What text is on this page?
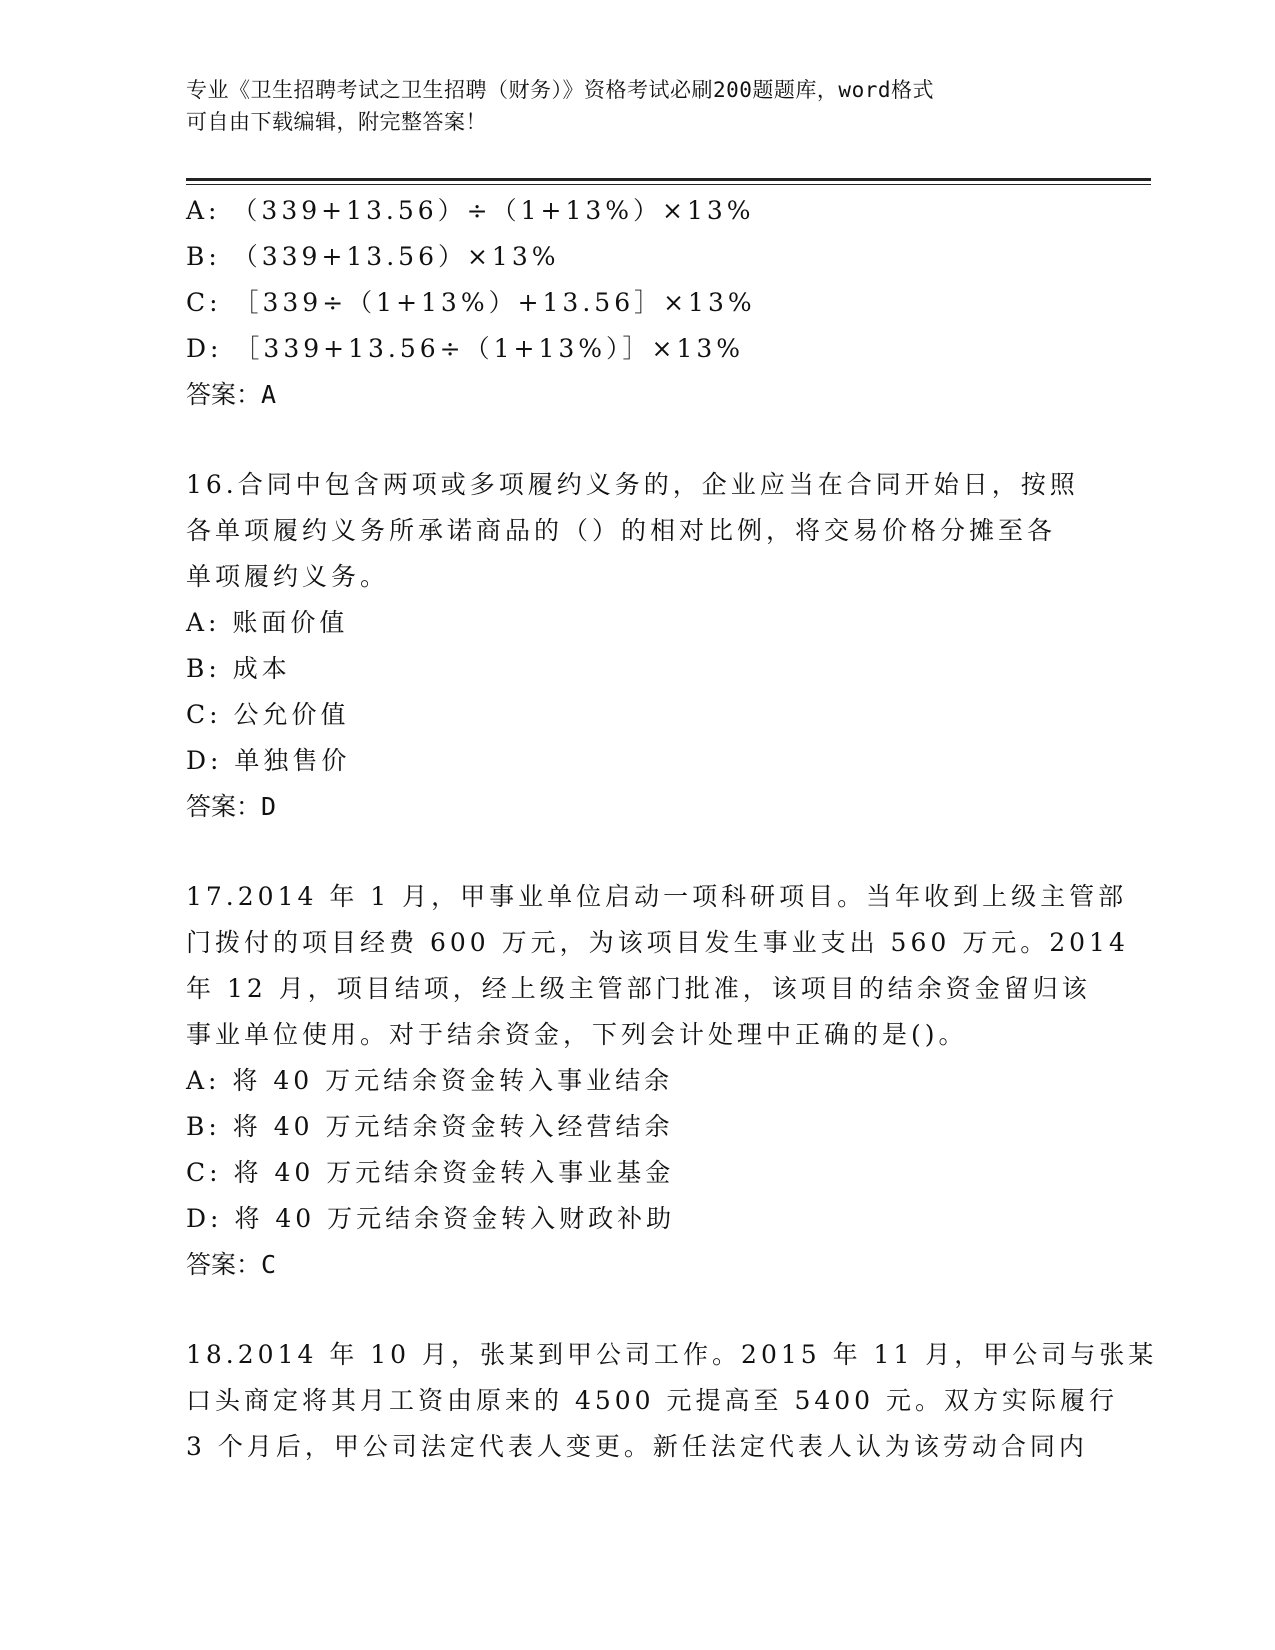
专业《卫生招聘考试之卫生招聘（财务）》资格考试必刷200题题库，word格式
可自由下载编辑，附完整答案！
A: （339+13.56）÷（1+13%）×13%
B: （339+13.56）×13%
C: ［339÷（1+13%）+13.56］×13%
D: ［339+13.56÷（1+13%）］×13%
答案：A
16.合同中包含两项或多项履约义务的，企业应当在合同开始日，按照
各单项履约义务所承诺商品的（）的相对比例，将交易价格分摊至各
单项履约义务。
A: 账面价值
B: 成本
C: 公允价值
D: 单独售价
答案：D
17.2014 年 1 月，甲事业单位启动一项科研项目。当年收到上级主管部
门拨付的项目经费 600 万元，为该项目发生事业支出 560 万元。2014
年 12 月，项目结项，经上级主管部门批准，该项目的结余资金留归该
事业单位使用。对于结余资金，下列会计处理中正确的是()。
A: 将 40 万元结余资金转入事业结余
B: 将 40 万元结余资金转入经营结余
C: 将 40 万元结余资金转入事业基金
D: 将 40 万元结余资金转入财政补助
答案：C
18.2014 年 10 月，张某到甲公司工作。2015 年 11 月，甲公司与张某
口头商定将其月工资由原来的 4500 元提高至 5400 元。双方实际履行
3 个月后，甲公司法定代表人变更。新任法定代表人认为该劳动合同内
